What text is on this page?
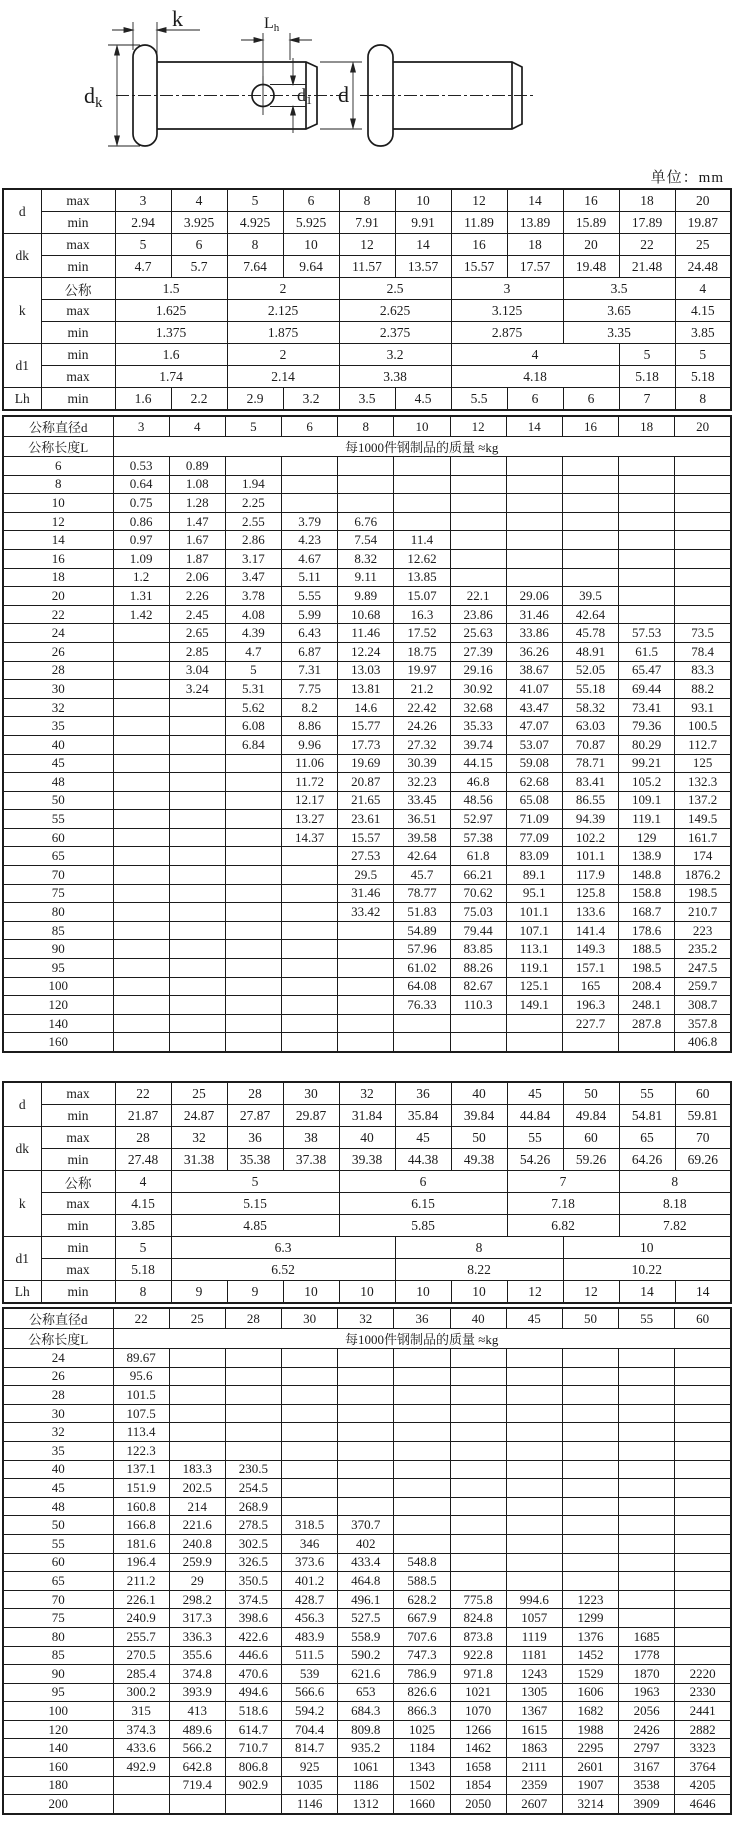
k	Lh
dk	d1 d
单位：mm
d	max	3	4	5	6	8	10	12	14	16	18	20
	min	2.94	3.925	4.925	5.925	7.91	9.91	11.89	13.89	15.89	17.89	19.87
dk	max	5	6	8	10	12	14	16	18	20	22	25
	min	4.7	5.7	7.64	9.64	11.57	13.57	15.57	17.57	19.48	21.48	24.48
k	公称	1.5		2		2.5		3		3.5		4
	max	1.625		2.125		2.625		3.125		3.65		4.15
	min	1.375		1.875		2.375		2.875		3.35		3.85
d1	min	1.6		2		3.2		4			5	5
	max	1.74		2.14		3.38		4.18			5.18	5.18
Lh	min	1.6	2.2	2.9	3.2	3.5	4.5	5.5	6	6	7	8
公称直径d	3	4	5	6	8	10	12	14	16	18	20
公称长度L	每1000件钢制品的质量 ≈kg										
6	0.53	0.89									
8	0.64	1.08	1.94								
10	0.75	1.28	2.25								
12	0.86	1.47	2.55	3.79	6.76						
14	0.97	1.67	2.86	4.23	7.54	11.4					
16	1.09	1.87	3.17	4.67	8.32	12.62					
18	1.2	2.06	3.47	5.11	9.11	13.85					
20	1.31	2.26	3.78	5.55	9.89	15.07	22.1	29.06	39.5		
22	1.42	2.45	4.08	5.99	10.68	16.3	23.86	31.46	42.64		
24		2.65	4.39	6.43	11.46	17.52	25.63	33.86	45.78	57.53	73.5
26		2.85	4.7	6.87	12.24	18.75	27.39	36.26	48.91	61.5	78.4
28		3.04	5	7.31	13.03	19.97	29.16	38.67	52.05	65.47	83.3
30		3.24	5.31	7.75	13.81	21.2	30.92	41.07	55.18	69.44	88.2
32			5.62	8.2	14.6	22.42	32.68	43.47	58.32	73.41	93.1
35			6.08	8.86	15.77	24.26	35.33	47.07	63.03	79.36	100.5
40			6.84	9.96	17.73	27.32	39.74	53.07	70.87	80.29	112.7
45				11.06	19.69	30.39	44.15	59.08	78.71	99.21	125
48				11.72	20.87	32.23	46.8	62.68	83.41	105.2	132.3
50				12.17	21.65	33.45	48.56	65.08	86.55	109.1	137.2
55				13.27	23.61	36.51	52.97	71.09	94.39	119.1	149.5
60				14.37	15.57	39.58	57.38	77.09	102.2	129	161.7
65					27.53	42.64	61.8	83.09	101.1	138.9	174
70					29.5	45.7	66.21	89.1	117.9	148.8	1876.2
75					31.46	78.77	70.62	95.1	125.8	158.8	198.5
80					33.42	51.83	75.03	101.1	133.6	168.7	210.7
85						54.89	79.44	107.1	141.4	178.6	223
90						57.96	83.85	113.1	149.3	188.5	235.2
95						61.02	88.26	119.1	157.1	198.5	247.5
100						64.08	82.67	125.1	165	208.4	259.7
120						76.33	110.3	149.1	196.3	248.1	308.7
140									227.7	287.8	357.8
160											406.8
d	max	22	25	28	30	32	36	40	45	50	55	60
	min	21.87	24.87	27.87	29.87	31.84	35.84	39.84	44.84	49.84	54.81	59.81
dk	max	28	32	36	38	40	45	50	55	60	65	70
	min	27.48	31.38	35.38	37.38	39.38	44.38	49.38	54.26	59.26	64.26	69.26
k	公称	4	5			6			7		8	
	max	4.15	5.15			6.15			7.18		8.18	
	min	3.85	4.85			5.85			6.82		7.82	
d1	min	5	6.3				8			10		
	max	5.18	6.52				8.22			10.22		
Lh	min	8	9	9	10	10	10	10	12	12	14	14
公称直径d	22	25	28	30	32	36	40	45	50	55	60
公称长度L	每1000件钢制品的质量 ≈kg										
24	89.67										
26	95.6										
28	101.5										
30	107.5										
32	113.4										
35	122.3										
40	137.1	183.3	230.5								
45	151.9	202.5	254.5								
48	160.8	214	268.9								
50	166.8	221.6	278.5	318.5	370.7						
55	181.6	240.8	302.5	346	402						
60	196.4	259.9	326.5	373.6	433.4	548.8					
65	211.2	29	350.5	401.2	464.8	588.5					
70	226.1	298.2	374.5	428.7	496.1	628.2	775.8	994.6	1223		
75	240.9	317.3	398.6	456.3	527.5	667.9	824.8	1057	1299		
80	255.7	336.3	422.6	483.9	558.9	707.6	873.8	1119	1376	1685	
85	270.5	355.6	446.6	511.5	590.2	747.3	922.8	1181	1452	1778	
90	285.4	374.8	470.6	539	621.6	786.9	971.8	1243	1529	1870	2220
95	300.2	393.9	494.6	566.6	653	826.6	1021	1305	1606	1963	2330
100	315	413	518.6	594.2	684.3	866.3	1070	1367	1682	2056	2441
120	374.3	489.6	614.7	704.4	809.8	1025	1266	1615	1988	2426	2882
140	433.6	566.2	710.7	814.7	935.2	1184	1462	1863	2295	2797	3323
160	492.9	642.8	806.8	925	1061	1343	1658	2111	2601	3167	3764
180		719.4	902.9	1035	1186	1502	1854	2359	1907	3538	4205
200				1146	1312	1660	2050	2607	3214	3909	4646
